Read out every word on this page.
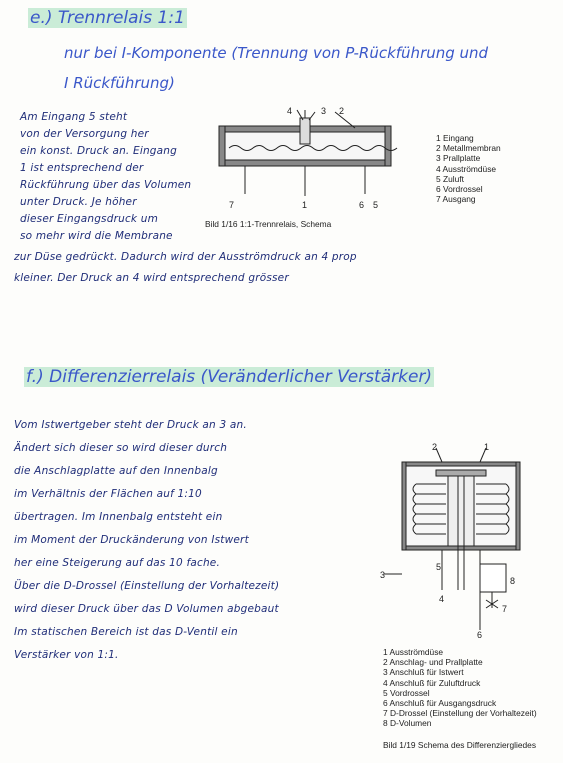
e.) Trennrelais 1:1
nur bei I-Komponente (Trennung von P-Rückführung und
I Rückführung)
Am Eingang 5 steht
von der Versorgung her
ein konst. Druck an. Eingang
1 ist entsprechend der
Rückführung über das Volumen
unter Druck. Je höher
dieser Eingangsdruck um
so mehr wird die Membrane
zur Düse gedrückt. Dadurch wird der Ausströmdruck an 4 prop
kleiner. Der Druck an 4 wird entsprechend grösser
4	3 2
7	1	6 5
Bild 1/16 1:1-Trennrelais, Schema
1 Eingang
2 Metallmembran
3 Prallplatte
4 Ausströmdüse
5 Zuluft
6 Vordrossel
7 Ausgang
f.) Differenzierrelais (Veränderlicher Verstärker)
Vom Istwertgeber steht der Druck an 3 an.
Ändert sich dieser so wird dieser durch
die Anschlagplatte auf den Innenbalg
im Verhältnis der Flächen auf 1:10
übertragen. Im Innenbalg entsteht ein
im Moment der Druckänderung von Istwert
her eine Steigerung auf das 10 fache.
Über die D-Drossel (Einstellung der Vorhaltezeit)
wird dieser Druck über das D Volumen abgebaut
Im statischen Bereich ist das D-Ventil ein
Verstärker von 1:1.
2	1
3
5
4
8
7
6
1 Ausströmdüse
2 Anschlag- und Prallplatte
3 Anschluß für Istwert
4 Anschluß für Zuluftdruck
5 Vordrossel
6 Anschluß für Ausgangsdruck
7 D-Drossel (Einstellung der Vorhaltezeit)
8 D-Volumen
Bild 1/19 Schema des Differenziergliedes
